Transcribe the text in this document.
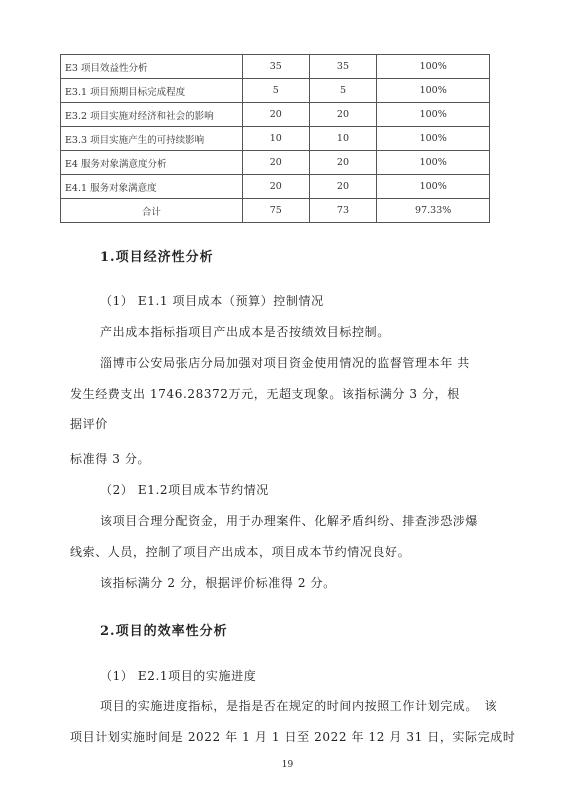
E3 项目效益性分析	35	35	100%
E3.1 项目预期目标完成程度	5	5	100%
E3.2 项目实施对经济和社会的影响	20	20	100%
E3.3 项目实施产生的可持续影响	10	10	100%
E4 服务对象满意度分析	20	20	100%
E4.1 服务对象满意度	20	20	100%
合计	75	73	97.33%
1.项目经济性分析
（1） E1.1 项目成本（预算）控制情况
产出成本指标指项目产出成本是否按绩效目标控制。
淄博市公安局张店分局加强对项目资金使用情况的监督管理本年 共
发生经费支出 1746.28372万元，无超支现象。该指标满分 3 分，根
据评价
标准得 3 分。
（2） E1.2项目成本节约情况
该项目合理分配资金，用于办理案件、化解矛盾纠纷、排查涉恐涉爆
线索、人员，控制了项目产出成本，项目成本节约情况良好。
该指标满分 2 分，根据评价标准得 2 分。
2.项目的效率性分析
（1） E2.1项目的实施进度
项目的实施进度指标，是指是否在规定的时间内按照工作计划完成。　该
项目计划实施时间是 2022 年 1 月 1 日至 2022 年 12 月 31 日，实际完成时
19
